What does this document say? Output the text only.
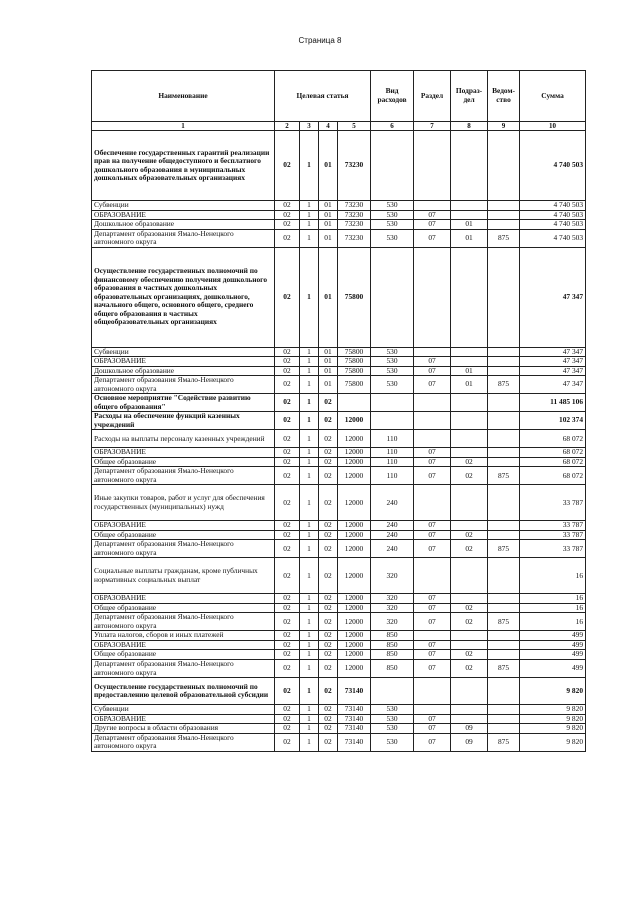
Страница 8
Наименование	Целевая статья				Вид расходов	Раздел	Подраз-дел	Ведом-ство	Сумма
1	2	3	4	5	6	7	8	9	10
Обеспечение государственных гарантий реализации прав на получение общедоступного и бесплатного дошкольного образования в муниципальных дошкольных образовательных организациях	02	1	01	73230					4 740 503
Субвенции	02	1	01	73230	530				4 740 503
ОБРАЗОВАНИЕ	02	1	01	73230	530	07			4 740 503
Дошкольное образование	02	1	01	73230	530	07	01		4 740 503
Департамент образования Ямало-Ненецкого автономного округа	02	1	01	73230	530	07	01	875	4 740 503
Осуществление государственных полномочий по финансовому обеспечению получения дошкольного образования в частных дошкольных образовательных организациях, дошкольного, начального общего, основного общего, среднего общего образования в частных общеобразовательных организациях	02	1	01	75800					47 347
Субвенции	02	1	01	75800	530				47 347
ОБРАЗОВАНИЕ	02	1	01	75800	530	07			47 347
Дошкольное образование	02	1	01	75800	530	07	01		47 347
Департамент образования Ямало-Ненецкого автономного округа	02	1	01	75800	530	07	01	875	47 347
Основное мероприятие "Содействие развитию общего образования"	02	1	02						11 485 106
Расходы на обеспечение функций казенных учреждений	02	1	02	12000					102 374
Расходы на выплаты персоналу казенных учреждений	02	1	02	12000	110				68 072
ОБРАЗОВАНИЕ	02	1	02	12000	110	07			68 072
Общее образование	02	1	02	12000	110	07	02		68 072
Департамент образования Ямало-Ненецкого автономного округа	02	1	02	12000	110	07	02	875	68 072
Иные закупки товаров, работ и услуг для обеспечения государственных (муниципальных) нужд	02	1	02	12000	240				33 787
ОБРАЗОВАНИЕ	02	1	02	12000	240	07			33 787
Общее образование	02	1	02	12000	240	07	02		33 787
Департамент образования Ямало-Ненецкого автономного округа	02	1	02	12000	240	07	02	875	33 787
Социальные выплаты гражданам, кроме публичных нормативных социальных выплат	02	1	02	12000	320				16
ОБРАЗОВАНИЕ	02	1	02	12000	320	07			16
Общее образование	02	1	02	12000	320	07	02		16
Департамент образования Ямало-Ненецкого автономного округа	02	1	02	12000	320	07	02	875	16
Уплата налогов, сборов и иных платежей	02	1	02	12000	850				499
ОБРАЗОВАНИЕ	02	1	02	12000	850	07			499
Общее образование	02	1	02	12000	850	07	02		499
Департамент образования Ямало-Ненецкого автономного округа	02	1	02	12000	850	07	02	875	499
Осуществление государственных полномочий по предоставлению целевой образовательной субсидии	02	1	02	73140					9 820
Субвенции	02	1	02	73140	530				9 820
ОБРАЗОВАНИЕ	02	1	02	73140	530	07			9 820
Другие вопросы в области образования	02	1	02	73140	530	07	09		9 820
Департамент образования Ямало-Ненецкого автономного округа	02	1	02	73140	530	07	09	875	9 820
